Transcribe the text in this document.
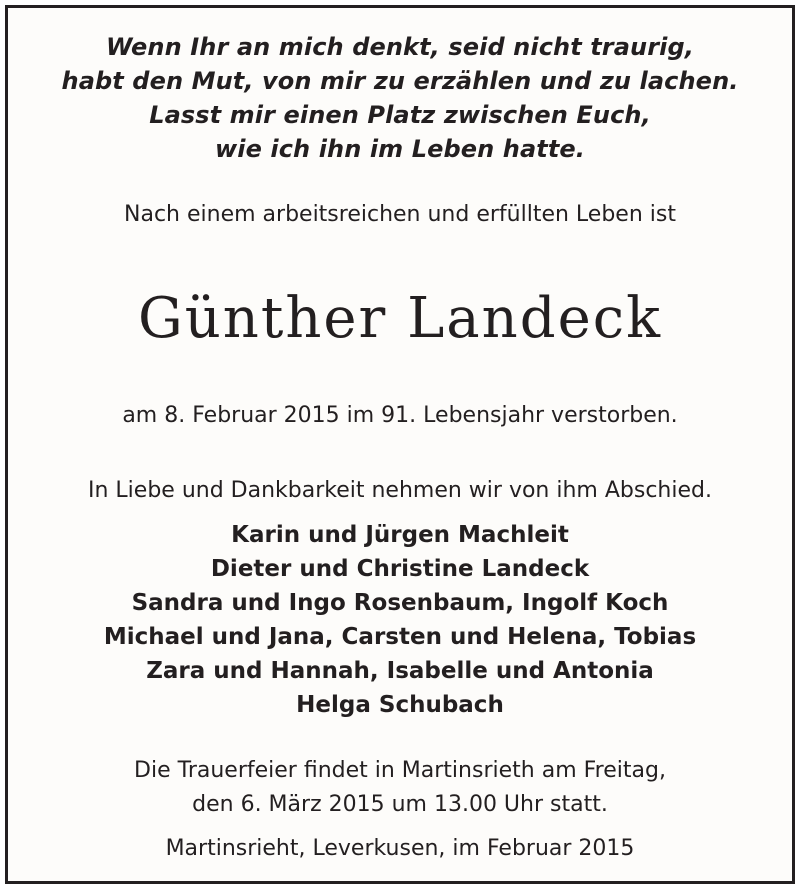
Wenn Ihr an mich denkt, seid nicht traurig,
habt den Mut, von mir zu erzählen und zu lachen.
Lasst mir einen Platz zwischen Euch,
wie ich ihn im Leben hatte.
Nach einem arbeitsreichen und erfüllten Leben ist
Günther Landeck
am 8. Februar 2015 im 91. Lebensjahr verstorben.
In Liebe und Dankbarkeit nehmen wir von ihm Abschied.
Karin und Jürgen Machleit
Dieter und Christine Landeck
Sandra und Ingo Rosenbaum, Ingolf Koch
Michael und Jana, Carsten und Helena, Tobias
Zara und Hannah, Isabelle und Antonia
Helga Schubach
Die Trauerfeier findet in Martinsrieth am Freitag,
den 6. März 2015 um 13.00 Uhr statt.
Martinsrieht, Leverkusen, im Februar 2015
